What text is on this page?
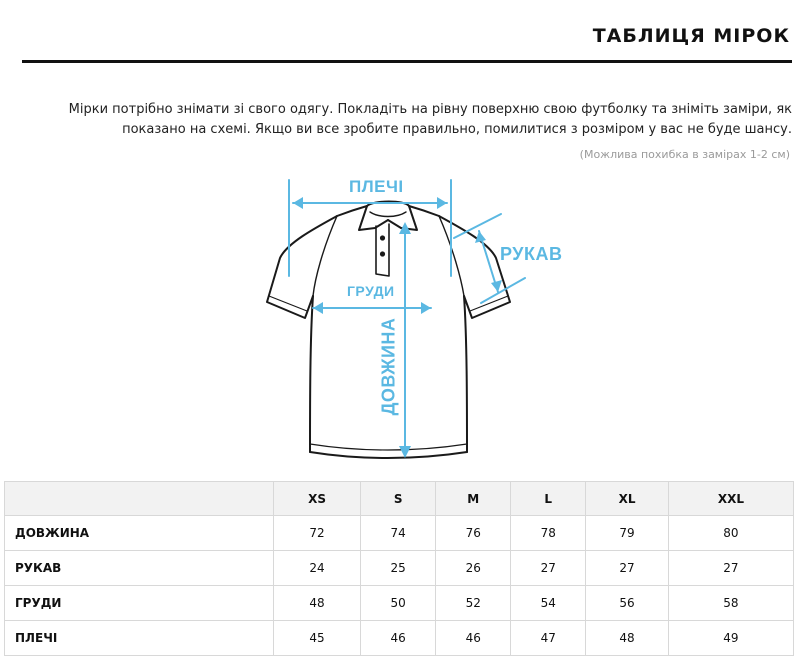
ТАБЛИЦЯ МІРОК
Мірки потрібно знімати зі свого одягу. Покладіть на рівну поверхню свою футболку та зніміть заміри, як показано на схемі. Якщо ви все зробите правильно, помилитися з розміром у вас не буде шансу.
(Можлива похибка в замірах 1-2 см)
ПЛЕЧІ
РУКАВ
ГРУДИ
ДОВЖИНА
	XS	S	M	L	XL	XXL
ДОВЖИНА	72	74	76	78	79	80
РУКАВ	24	25	26	27	27	27
ГРУДИ	48	50	52	54	56	58
ПЛЕЧІ	45	46	46	47	48	49
